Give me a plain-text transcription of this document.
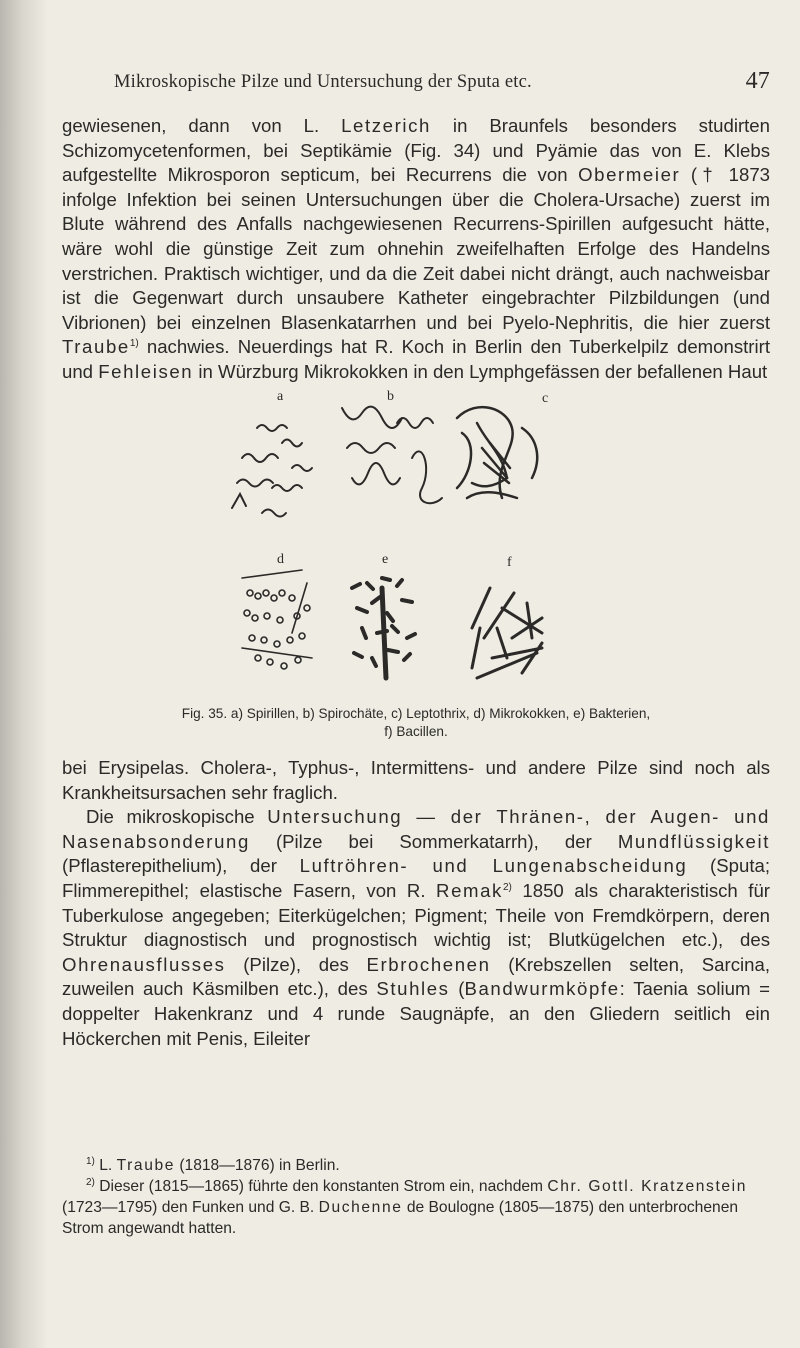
Mikroskopische Pilze und Untersuchung der Sputa etc.	47

gewiesenen, dann von L. Letzerich in Braunfels besonders studirten Schizomycetenformen, bei Septikämie (Fig. 34) und Pyämie das von E. Klebs aufgestellte Mikrosporon septicum, bei Recurrens die von Obermeier († 1873 infolge Infektion bei seinen Untersuchungen über die Cholera-Ursache) zuerst im Blute während des Anfalls nachgewiesenen Recurrens-Spirillen aufgesucht hätte, wäre wohl die günstige Zeit zum ohnehin zweifelhaften Erfolge des Handelns verstrichen. Praktisch wichtiger, und da die Zeit dabei nicht drängt, auch nachweisbar ist die Gegenwart durch unsaubere Katheter eingebrachter Pilzbildungen (und Vibrionen) bei einzelnen Blasenkatarrhen und bei Pyelo-Nephritis, die hier zuerst Traube$^{1)}$ nachwies. Neuerdings hat R. Koch in Berlin den Tuberkelpilz demonstrirt und Fehleisen in Würzburg Mikrokokken in den Lymphgefässen der befallenen Haut

a	b	c
d	e	f
Fig. 35. a) Spirillen, b) Spirochäte, c) Leptothrix, d) Mikrokokken, e) Bakterien,
f) Bacillen.

bei Erysipelas. Cholera-, Typhus-, Intermittens- und andere Pilze sind noch als Krankheitsursachen sehr fraglich.
Die mikroskopische Untersuchung — der Thränen-, der Augen- und Nasenabsonderung (Pilze bei Sommerkatarrh), der Mundflüssigkeit (Pflasterepithelium), der Luftröhren- und Lungenabscheidung (Sputa; Flimmerepithel; elastische Fasern, von R. Remak$^{2)}$ 1850 als charakteristisch für Tuberkulose angegeben; Eiterkügelchen; Pigment; Theile von Fremdkörpern, deren Struktur diagnostisch und prognostisch wichtig ist; Blutkügelchen etc.), des Ohrenausflusses (Pilze), des Erbrochenen (Krebszellen selten, Sarcina, zuweilen auch Käsmilben etc.), des Stuhles (Bandwurmköpfe: Taenia solium = doppelter Hakenkranz und 4 runde Saugnäpfe, an den Gliedern seitlich ein Höckerchen mit Penis, Eileiter

$^{1)}$ L. Traube (1818—1876) in Berlin.

$^{2)}$ Dieser (1815—1865) führte den konstanten Strom ein, nachdem Chr. Gottl. Kratzenstein (1723—1795) den Funken und G. B. Duchenne de Boulogne (1805—1875) den unterbrochenen Strom angewandt hatten.
